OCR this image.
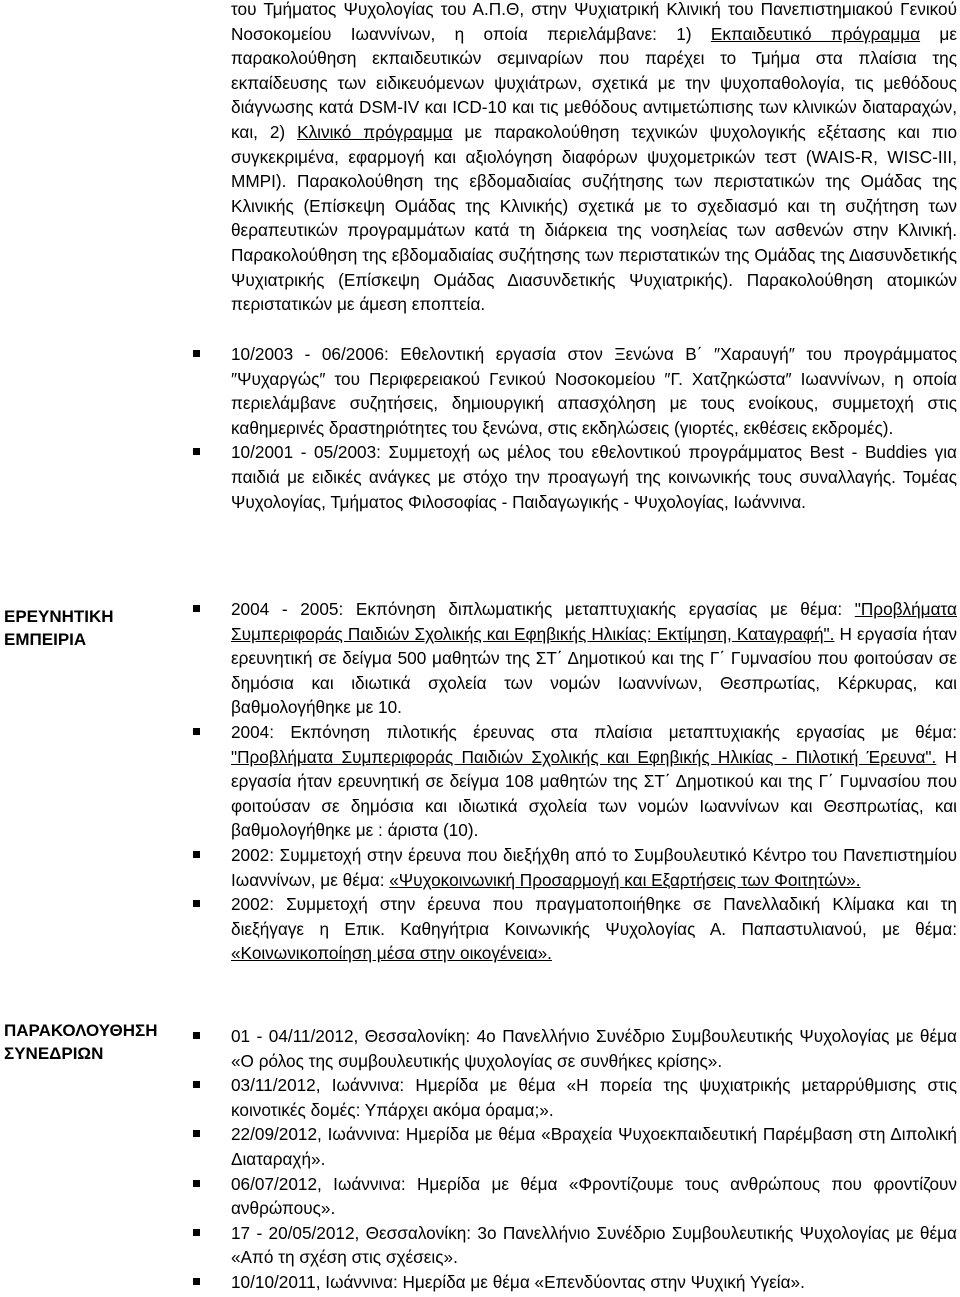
του Τμήματος Ψυχολογίας του Α.Π.Θ, στην Ψυχιατρική Κλινική του Πανεπιστημιακού Γενικού Νοσοκομείου Ιωαννίνων, η οποία περιελάμβανε: 1) Εκπαιδευτικό πρόγραμμα με παρακολούθηση εκπαιδευτικών σεμιναρίων που παρέχει το Τμήμα στα πλαίσια της εκπαίδευσης των ειδικευόμενων ψυχιάτρων, σχετικά με την ψυχοπαθολογία, τις μεθόδους διάγνωσης κατά DSM-IV και ICD-10 και τις μεθόδους αντιμετώπισης των κλινικών διαταραχών, και, 2) Κλινικό πρόγραμμα με παρακολούθηση τεχνικών ψυχολογικής εξέτασης και πιο συγκεκριμένα, εφαρμογή και αξιολόγηση διαφόρων ψυχομετρικών τεστ (WAIS-R, WISC-III, MMPI). Παρακολούθηση της εβδομαδιαίας συζήτησης των περιστατικών της Ομάδας της Κλινικής (Επίσκεψη Ομάδας της Κλινικής) σχετικά με το σχεδιασμό και τη συζήτηση των θεραπευτικών προγραμμάτων κατά τη διάρκεια της νοσηλείας των ασθενών στην Κλινική. Παρακολούθηση της εβδομαδιαίας συζήτησης των περιστατικών της Ομάδας της Διασυνδετικής Ψυχιατρικής (Επίσκεψη Ομάδας Διασυνδετικής Ψυχιατρικής). Παρακολούθηση ατομικών περιστατικών με άμεση εποπτεία.
10/2003 - 06/2006: Εθελοντική εργασία στον Ξενώνα Β΄ ″Χαραυγή″ του προγράμματος ″Ψυχαργώς″ του Περιφερειακού Γενικού Νοσοκομείου ″Γ. Χατζηκώστα″ Ιωαννίνων, η οποία περιελάμβανε συζητήσεις, δημιουργική απασχόληση με τους ενοίκους, συμμετοχή στις καθημερινές δραστηριότητες του ξενώνα, στις εκδηλώσεις (γιορτές, εκθέσεις εκδρομές).
10/2001 - 05/2003: Συμμετοχή ως μέλος του εθελοντικού προγράμματος Best - Buddies για παιδιά με ειδικές ανάγκες με στόχο την προαγωγή της κοινωνικής τους συναλλαγής. Τομέας Ψυχολογίας, Τμήματος Φιλοσοφίας - Παιδαγωγικής - Ψυχολογίας, Ιωάννινα.
ΕΡΕΥΝΗΤΙΚΗ ΕΜΠΕΙΡΙΑ
2004 - 2005: Εκπόνηση διπλωματικής μεταπτυχιακής εργασίας με θέμα: "Προβλήματα Συμπεριφοράς Παιδιών Σχολικής και Εφηβικής Ηλικίας: Εκτίμηση, Καταγραφή". Η εργασία ήταν ερευνητική σε δείγμα 500 μαθητών της ΣΤ΄ Δημοτικού και της Γ΄ Γυμνασίου που φοιτούσαν σε δημόσια και ιδιωτικά σχολεία των νομών Ιωαννίνων, Θεσπρωτίας, Κέρκυρας, και βαθμολογήθηκε με 10.
2004: Εκπόνηση πιλοτικής έρευνας στα πλαίσια μεταπτυχιακής εργασίας με θέμα: "Προβλήματα Συμπεριφοράς Παιδιών Σχολικής και Εφηβικής Ηλικίας - Πιλοτική Έρευνα". Η εργασία ήταν ερευνητική σε δείγμα 108 μαθητών της ΣΤ΄ Δημοτικού και της Γ΄ Γυμνασίου που φοιτούσαν σε δημόσια και ιδιωτικά σχολεία των νομών Ιωαννίνων και Θεσπρωτίας, και βαθμολογήθηκε με : άριστα (10).
2002: Συμμετοχή στην έρευνα που διεξήχθη από το Συμβουλευτικό Κέντρο του Πανεπιστημίου Ιωαννίνων, με θέμα: «Ψυχοκοινωνική Προσαρμογή και Εξαρτήσεις των Φοιτητών».
2002: Συμμετοχή στην έρευνα που πραγματοποιήθηκε σε Πανελλαδική Κλίμακα και τη διεξήγαγε η Επικ. Καθηγήτρια Κοινωνικής Ψυχολογίας Α. Παπαστυλιανού, με θέμα: «Κοινωνικοποίηση μέσα στην οικογένεια».
ΠΑΡΑΚΟΛΟΥΘΗΣΗ ΣΥΝΕΔΡΙΩΝ
01 - 04/11/2012, Θεσσαλονίκη: 4ο Πανελλήνιο Συνέδριο Συμβουλευτικής Ψυχολογίας με θέμα «Ο ρόλος της συμβουλευτικής ψυχολογίας σε συνθήκες κρίσης».
03/11/2012, Ιωάννινα: Ημερίδα με θέμα «Η πορεία της ψυχιατρικής μεταρρύθμισης στις κοινοτικές δομές: Υπάρχει ακόμα όραμα;».
22/09/2012, Ιωάννινα: Ημερίδα με θέμα «Βραχεία Ψυχοεκπαιδευτική Παρέμβαση στη Διπολική Διαταραχή».
06/07/2012, Ιωάννινα: Ημερίδα με θέμα «Φροντίζουμε τους ανθρώπους που φροντίζουν ανθρώπους».
17 - 20/05/2012, Θεσσαλονίκη: 3ο Πανελλήνιο Συνέδριο Συμβουλευτικής Ψυχολογίας με θέμα «Από τη σχέση στις σχέσεις».
10/10/2011, Ιωάννινα: Ημερίδα με θέμα «Επενδύοντας στην Ψυχική Υγεία».
